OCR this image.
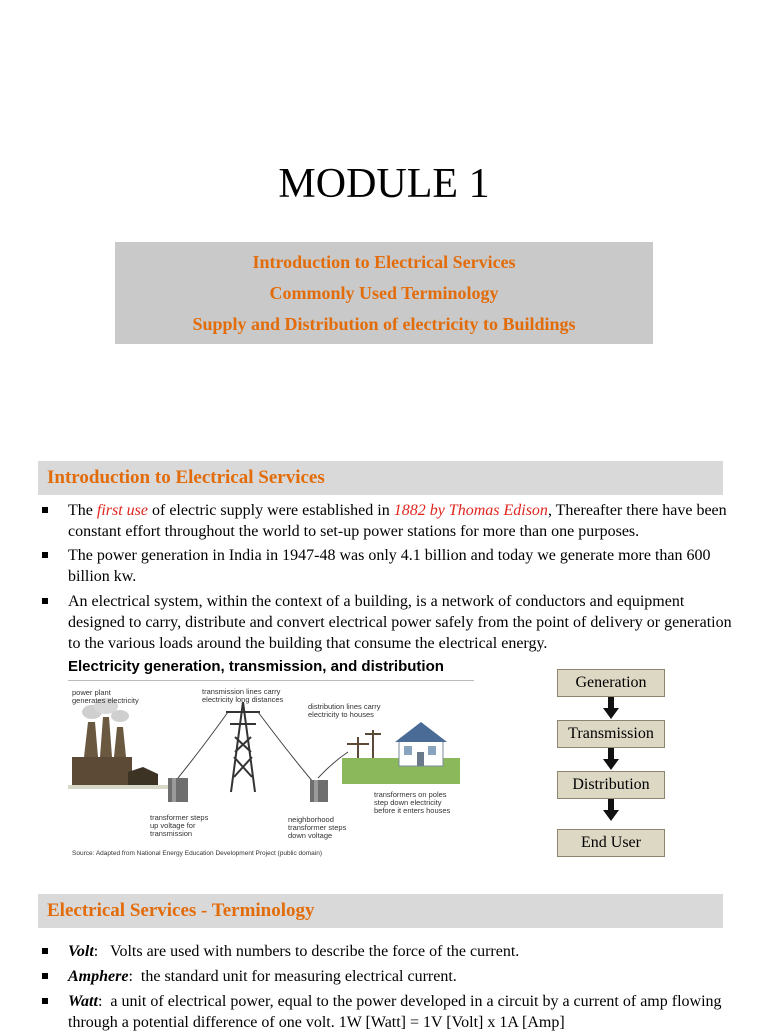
MODULE 1
Introduction to Electrical Services
Commonly Used Terminology
Supply and Distribution of electricity to Buildings
Introduction to Electrical Services
The first use of electric supply were established in 1882 by Thomas Edison, Thereafter there have been constant effort throughout the world to set-up power stations for more than one purposes.
The power generation in India in 1947-48 was only 4.1 billion and today we generate more than 600 billion kw.
An electrical system, within the context of a building, is a network of conductors and equipment designed to carry, distribute and convert electrical power safely from the point of delivery or generation to the various loads around the building that consume the electrical energy.

Electricity generation, transmission, and distribution

power plant
generates electricity
transmission lines carry
electricity long distances
distribution lines carry
electricity to houses
transformer steps
up voltage for
transmission
neighborhood
transformer steps
down voltage
transformers on poles
step down electricity
before it enters houses
Source: Adapted from National Energy Education Development Project (public domain)
Generation
Transmission
Distribution
End User
Electrical Services - Terminology
Volt:   Volts are used with numbers to describe the force of the current.
Amphere:  the standard unit for measuring electrical current.
Watt:  a unit of electrical power, equal to the power developed in a circuit by a current of amp flowing through a potential difference of one volt. 1W [Watt] = 1V [Volt] x 1A [Amp]
